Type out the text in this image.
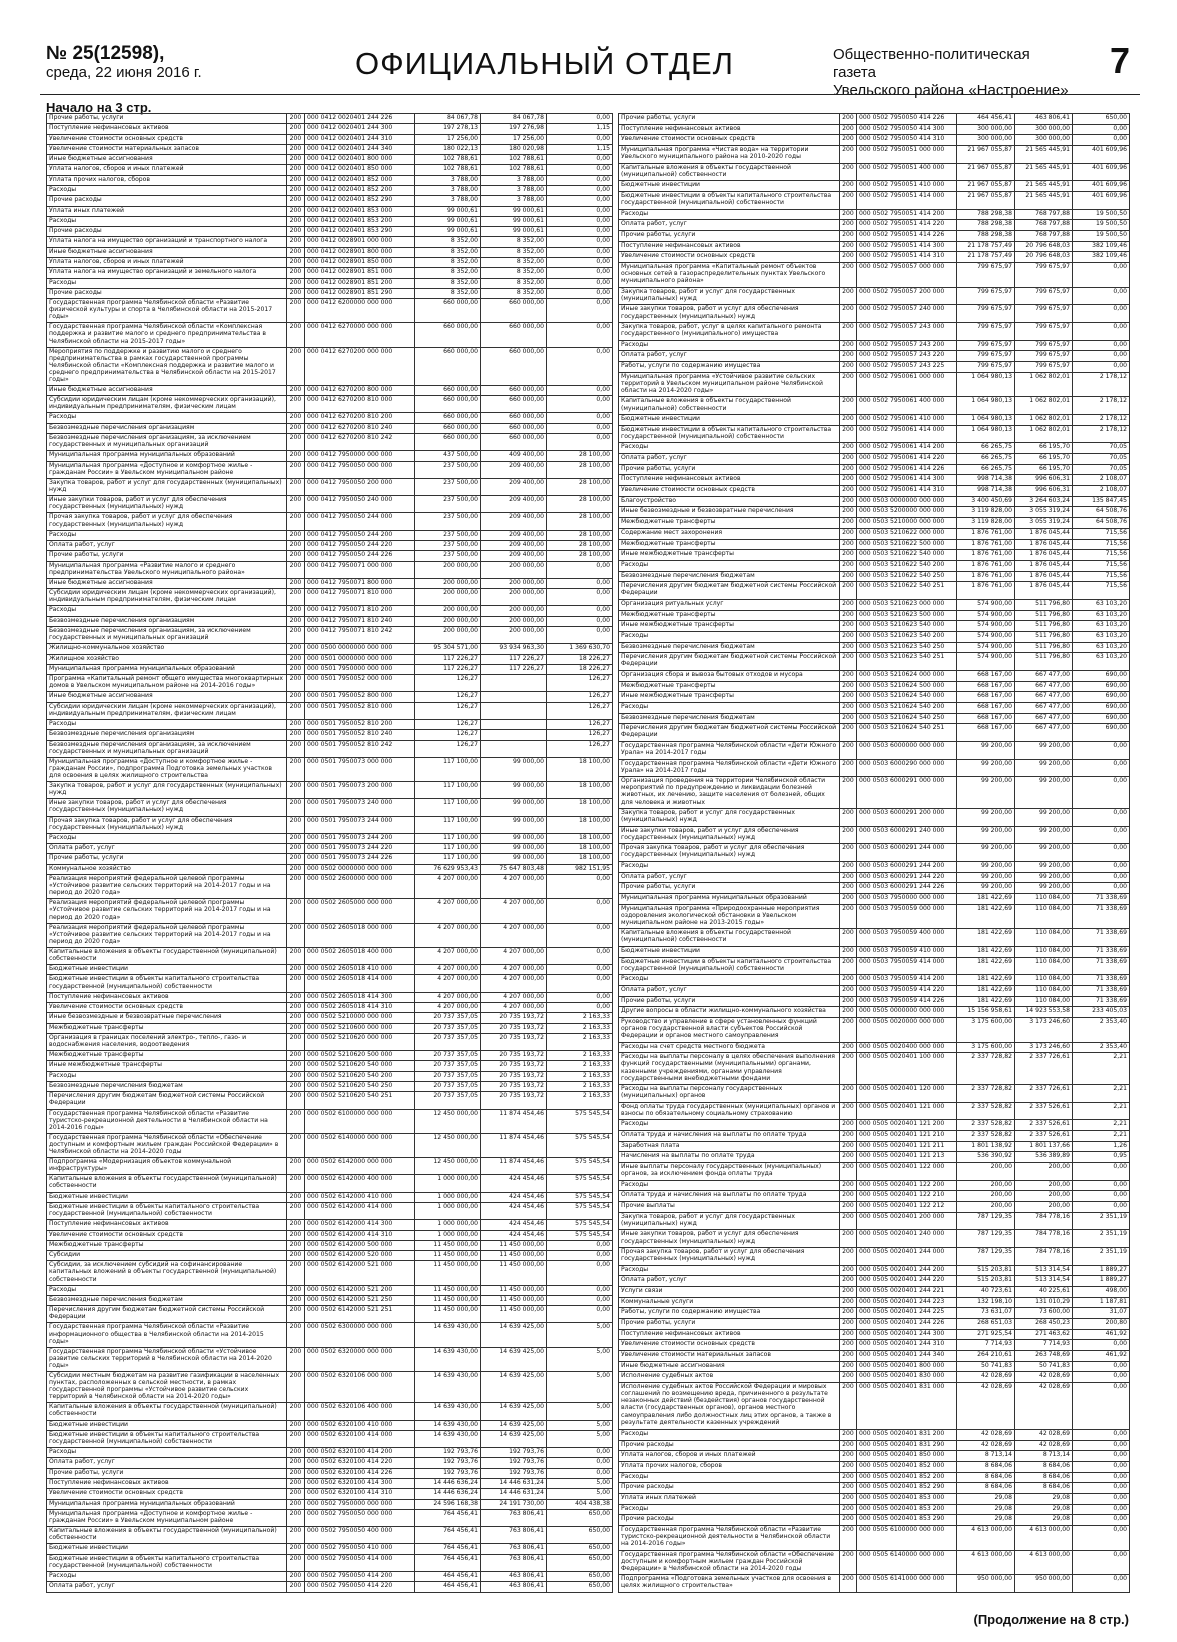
№ 25(12598),
среда, 22 июня 2016 г.	ОФИЦИАЛЬНЫЙ ОТДЕЛ	Общественно-политическая газета
Увельского района «Настроение»
7
Начало на 3 стр.
Прочие работы, услуги	200	000 0412 0020401 244 226	84 067,78	84 067,78	0,00
Поступление нефинансовых активов	200	000 0412 0020401 244 300	197 278,13	197 276,98	1,15
Увеличение стоимости основных средств	200	000 0412 0020401 244 310	17 256,00	17 256,00	0,00
Увеличение стоимости материальных запасов	200	000 0412 0020401 244 340	180 022,13	180 020,98	1,15
Иные бюджетные ассигнования	200	000 0412 0020401 800 000	102 788,61	102 788,61	0,00
Уплата налогов, сборов и иных платежей	200	000 0412 0020401 850 000	102 788,61	102 788,61	0,00
Уплата прочих налогов, сборов	200	000 0412 0020401 852 000	3 788,00	3 788,00	0,00
Расходы	200	000 0412 0020401 852 200	3 788,00	3 788,00	0,00
Прочие расходы	200	000 0412 0020401 852 290	3 788,00	3 788,00	0,00
Уплата иных платежей	200	000 0412 0020401 853 000	99 000,61	99 000,61	0,00
Расходы	200	000 0412 0020401 853 200	99 000,61	99 000,61	0,00
Прочие расходы	200	000 0412 0020401 853 290	99 000,61	99 000,61	0,00
Уплата налога на имущество организаций и транспортного налога	200	000 0412 0028901 000 000	8 352,00	8 352,00	0,00
Иные бюджетные ассигнования	200	000 0412 0028901 800 000	8 352,00	8 352,00	0,00
Уплата налогов, сборов и иных платежей	200	000 0412 0028901 850 000	8 352,00	8 352,00	0,00
Уплата налога на имущество организаций и земельного налога	200	000 0412 0028901 851 000	8 352,00	8 352,00	0,00
Расходы	200	000 0412 0028901 851 200	8 352,00	8 352,00	0,00
Прочие расходы	200	000 0412 0028901 851 290	8 352,00	8 352,00	0,00
Государственная программа Челябинской области «Развитие физической культуры и спорта в Челябинской области на 2015-2017 годы»	200	000 0412 6200000 000 000	660 000,00	660 000,00	0,00
Государственная программа Челябинской области «Комплексная поддержка и развитие малого и среднего предпринимательства в Челябинской области на 2015-2017 годы»	200	000 0412 6270000 000 000	660 000,00	660 000,00	0,00
Мероприятия по поддержке и развитию малого и среднего предпринимательства в рамках государственной программы Челябинской области «Комплексная поддержка и развитие малого и среднего предпринимательства в Челябинской области на 2015-2017 годы»	200	000 0412 6270200 000 000	660 000,00	660 000,00	0,00
Иные бюджетные ассигнования	200	000 0412 6270200 800 000	660 000,00	660 000,00	0,00
Субсидии юридическим лицам (кроме некоммерческих организаций), индивидуальным предпринимателям, физическим лицам	200	000 0412 6270200 810 000	660 000,00	660 000,00	0,00
Расходы	200	000 0412 6270200 810 200	660 000,00	660 000,00	0,00
Безвозмездные перечисления организациям	200	000 0412 6270200 810 240	660 000,00	660 000,00	0,00
Безвозмездные перечисления организациям, за исключением государственных и муниципальных организаций	200	000 0412 6270200 810 242	660 000,00	660 000,00	0,00
Муниципальная программа муниципальных образований	200	000 0412 7950000 000 000	437 500,00	409 400,00	28 100,00
Муниципальная программа «Доступное и комфортное жилье - гражданам России» в Увельском муниципальном районе	200	000 0412 7950050 000 000	237 500,00	209 400,00	28 100,00
Закупка товаров, работ и услуг для государственных (муниципальных) нужд	200	000 0412 7950050 200 000	237 500,00	209 400,00	28 100,00
Иные закупки товаров, работ и услуг для обеспечения государственных (муниципальных) нужд	200	000 0412 7950050 240 000	237 500,00	209 400,00	28 100,00
Прочая закупка товаров, работ и услуг для обеспечения государственных (муниципальных) нужд	200	000 0412 7950050 244 000	237 500,00	209 400,00	28 100,00
Расходы	200	000 0412 7950050 244 200	237 500,00	209 400,00	28 100,00
Оплата работ, услуг	200	000 0412 7950050 244 220	237 500,00	209 400,00	28 100,00
Прочие работы, услуги	200	000 0412 7950050 244 226	237 500,00	209 400,00	28 100,00
Муниципальная программа «Развитие малого и среднего предпринимательства Увельского муниципального района»	200	000 0412 7950071 000 000	200 000,00	200 000,00	0,00
Иные бюджетные ассигнования	200	000 0412 7950071 800 000	200 000,00	200 000,00	0,00
Субсидии юридическим лицам (кроме некоммерческих организаций), индивидуальным предпринимателям, физическим лицам	200	000 0412 7950071 810 000	200 000,00	200 000,00	0,00
Расходы	200	000 0412 7950071 810 200	200 000,00	200 000,00	0,00
Безвозмездные перечисления организациям	200	000 0412 7950071 810 240	200 000,00	200 000,00	0,00
Безвозмездные перечисления организациям, за исключением государственных и муниципальных организаций	200	000 0412 7950071 810 242	200 000,00	200 000,00	0,00
Жилищно-коммунальное хозяйство	200	000 0500 0000000 000 000	95 304 571,00	93 934 963,30	1 369 630,70
Жилищное хозяйство	200	000 0501 0000000 000 000	117 226,27	117 226,27	18 226,27
Муниципальная программа муниципальных образований	200	000 0501 7950000 000 000	117 226,27	117 226,27	18 226,27
Программа «Капитальный ремонт общего имущества многоквартирных домов в Увельском муниципальном районе на 2014-2016 годы»	200	000 0501 7950052 000 000	126,27		126,27
Иные бюджетные ассигнования	200	000 0501 7950052 800 000	126,27		126,27
Субсидии юридическим лицам (кроме некоммерческих организаций), индивидуальным предпринимателям, физическим лицам	200	000 0501 7950052 810 000	126,27		126,27
Расходы	200	000 0501 7950052 810 200	126,27		126,27
Безвозмездные перечисления организациям	200	000 0501 7950052 810 240	126,27		126,27
Безвозмездные перечисления организациям, за исключением государственных и муниципальных организаций	200	000 0501 7950052 810 242	126,27		126,27
Муниципальная программа «Доступное и комфортное жилье - гражданам России», подпрограмма Подготовка земельных участков для освоения в целях жилищного строительства	200	000 0501 7950073 000 000	117 100,00	99 000,00	18 100,00
Закупка товаров, работ и услуг для государственных (муниципальных) нужд	200	000 0501 7950073 200 000	117 100,00	99 000,00	18 100,00
Иные закупки товаров, работ и услуг для обеспечения государственных (муниципальных) нужд	200	000 0501 7950073 240 000	117 100,00	99 000,00	18 100,00
Прочая закупка товаров, работ и услуг для обеспечения государственных (муниципальных) нужд	200	000 0501 7950073 244 000	117 100,00	99 000,00	18 100,00
Расходы	200	000 0501 7950073 244 200	117 100,00	99 000,00	18 100,00
Оплата работ, услуг	200	000 0501 7950073 244 220	117 100,00	99 000,00	18 100,00
Прочие работы, услуги	200	000 0501 7950073 244 226	117 100,00	99 000,00	18 100,00
Коммунальное хозяйство	200	000 0502 0000000 000 000	76 629 953,43	75 647 803,48	982 151,95
Реализация мероприятий федеральной целевой программы «Устойчивое развитие сельских территорий на 2014-2017 годы и на период до 2020 года»	200	000 0502 2600000 000 000	4 207 000,00	4 207 000,00	0,00
Реализация мероприятий федеральной целевой программы «Устойчивое развитие сельских территорий на 2014-2017 годы и на период до 2020 года»	200	000 0502 2605000 000 000	4 207 000,00	4 207 000,00	0,00
Реализация мероприятий федеральной целевой программы «Устойчивое развитие сельских территорий на 2014-2017 годы и на период до 2020 года»	200	000 0502 2605018 000 000	4 207 000,00	4 207 000,00	0,00
Капитальные вложения в объекты государственной (муниципальной) собственности	200	000 0502 2605018 400 000	4 207 000,00	4 207 000,00	0,00
Бюджетные инвестиции	200	000 0502 2605018 410 000	4 207 000,00	4 207 000,00	0,00
Бюджетные инвестиции в объекты капитального строительства государственной (муниципальной) собственности	200	000 0502 2605018 414 000	4 207 000,00	4 207 000,00	0,00
Поступление нефинансовых активов	200	000 0502 2605018 414 300	4 207 000,00	4 207 000,00	0,00
Увеличение стоимости основных средств	200	000 0502 2605018 414 310	4 207 000,00	4 207 000,00	0,00
Иные безвозмездные и безвозвратные перечисления	200	000 0502 5210000 000 000	20 737 357,05	20 735 193,72	2 163,33
Межбюджетные трансферты	200	000 0502 5210600 000 000	20 737 357,05	20 735 193,72	2 163,33
Организация в границах поселений электро-, тепло-, газо- и водоснабжения населения, водоотведения	200	000 0502 5210620 000 000	20 737 357,05	20 735 193,72	2 163,33
Межбюджетные трансферты	200	000 0502 5210620 500 000	20 737 357,05	20 735 193,72	2 163,33
Иные межбюджетные трансферты	200	000 0502 5210620 540 000	20 737 357,05	20 735 193,72	2 163,33
Расходы	200	000 0502 5210620 540 200	20 737 357,05	20 735 193,72	2 163,33
Безвозмездные перечисления бюджетам	200	000 0502 5210620 540 250	20 737 357,05	20 735 193,72	2 163,33
Перечисления другим бюджетам бюджетной системы Российской Федерации	200	000 0502 5210620 540 251	20 737 357,05	20 735 193,72	2 163,33
Государственная программа Челябинской области «Развитие туристско-рекреационной деятельности в Челябинской области на 2014-2016 годы»	200	000 0502 6100000 000 000	12 450 000,00	11 874 454,46	575 545,54
Государственная программа Челябинской области «Обеспечение доступным и комфортным жильем граждан Российской Федерации» в Челябинской области на 2014-2020 годы	200	000 0502 6140000 000 000	12 450 000,00	11 874 454,46	575 545,54
Подпрограмма «Модернизация объектов коммунальной инфраструктуры»	200	000 0502 6142000 000 000	12 450 000,00	11 874 454,46	575 545,54
Капитальные вложения в объекты государственной (муниципальной) собственности	200	000 0502 6142000 400 000	1 000 000,00	424 454,46	575 545,54
Бюджетные инвестиции	200	000 0502 6142000 410 000	1 000 000,00	424 454,46	575 545,54
Бюджетные инвестиции в объекты капитального строительства государственной (муниципальной) собственности	200	000 0502 6142000 414 000	1 000 000,00	424 454,46	575 545,54
Поступление нефинансовых активов	200	000 0502 6142000 414 300	1 000 000,00	424 454,46	575 545,54
Увеличение стоимости основных средств	200	000 0502 6142000 414 310	1 000 000,00	424 454,46	575 545,54
Межбюджетные трансферты	200	000 0502 6142000 500 000	11 450 000,00	11 450 000,00	0,00
Субсидии	200	000 0502 6142000 520 000	11 450 000,00	11 450 000,00	0,00
Субсидии, за исключением субсидий на софинансирование капитальных вложений в объекты государственной (муниципальной) собственности	200	000 0502 6142000 521 000	11 450 000,00	11 450 000,00	0,00
Расходы	200	000 0502 6142000 521 200	11 450 000,00	11 450 000,00	0,00
Безвозмездные перечисления бюджетам	200	000 0502 6142000 521 250	11 450 000,00	11 450 000,00	0,00
Перечисления другим бюджетам бюджетной системы Российской Федерации	200	000 0502 6142000 521 251	11 450 000,00	11 450 000,00	0,00
Государственная программа Челябинской области «Развитие информационного общества в Челябинской области на 2014-2015 годы»	200	000 0502 6300000 000 000	14 639 430,00	14 639 425,00	5,00
Государственная программа Челябинской области «Устойчивое развитие сельских территорий в Челябинской области на 2014-2020 годы»	200	000 0502 6320000 000 000	14 639 430,00	14 639 425,00	5,00
Субсидии местным бюджетам на развитие газификации в населенных пунктах, расположенных в сельской местности, в рамках государственной программы «Устойчивое развитие сельских территорий в Челябинской области на 2014-2020 годы»	200	000 0502 6320106 000 000	14 639 430,00	14 639 425,00	5,00
Капитальные вложения в объекты государственной (муниципальной) собственности	200	000 0502 6320106 400 000	14 639 430,00	14 639 425,00	5,00
Бюджетные инвестиции	200	000 0502 6320100 410 000	14 639 430,00	14 639 425,00	5,00
Бюджетные инвестиции в объекты капитального строительства государственной (муниципальной) собственности	200	000 0502 6320100 414 000	14 639 430,00	14 639 425,00	5,00
Расходы	200	000 0502 6320100 414 200	192 793,76	192 793,76	0,00
Оплата работ, услуг	200	000 0502 6320100 414 220	192 793,76	192 793,76	0,00
Прочие работы, услуги	200	000 0502 6320100 414 226	192 793,76	192 793,76	0,00
Поступление нефинансовых активов	200	000 0502 6320100 414 300	14 446 636,24	14 446 631,24	5,00
Увеличение стоимости основных средств	200	000 0502 6320100 414 310	14 446 636,24	14 446 631,24	5,00
Муниципальная программа муниципальных образований	200	000 0502 7950000 000 000	24 596 168,38	24 191 730,00	404 438,38
Муниципальная программа «Доступное и комфортное жилье - гражданам России» в Увельском муниципальном районе	200	000 0502 7950050 000 000	764 456,41	763 806,41	650,00
Капитальные вложения в объекты государственной (муниципальной) собственности	200	000 0502 7950050 400 000	764 456,41	763 806,41	650,00
Бюджетные инвестиции	200	000 0502 7950050 410 000	764 456,41	763 806,41	650,00
Бюджетные инвестиции в объекты капитального строительства государственной (муниципальной) собственности	200	000 0502 7950050 414 000	764 456,41	763 806,41	650,00
Расходы	200	000 0502 7950050 414 200	464 456,41	463 806,41	650,00
Оплата работ, услуг	200	000 0502 7950050 414 220	464 456,41	463 806,41	650,00
Прочие работы, услуги	200	000 0502 7950050 414 226	464 456,41	463 806,41	650,00
Поступление нефинансовых активов	200	000 0502 7950050 414 300	300 000,00	300 000,00	0,00
Увеличение стоимости основных средств	200	000 0502 7950050 414 310	300 000,00	300 000,00	0,00
Муниципальная программа «Чистая вода» на территории Увельского муниципального района на 2010-2020 годы	200	000 0502 7950051 000 000	21 967 055,87	21 565 445,91	401 609,96
Капитальные вложения в объекты государственной (муниципальной) собственности	200	000 0502 7950051 400 000	21 967 055,87	21 565 445,91	401 609,96
Бюджетные инвестиции	200	000 0502 7950051 410 000	21 967 055,87	21 565 445,91	401 609,96
Бюджетные инвестиции в объекты капитального строительства государственной (муниципальной) собственности	200	000 0502 7950051 414 000	21 967 055,87	21 565 445,91	401 609,96
Расходы	200	000 0502 7950051 414 200	788 298,38	768 797,88	19 500,50
Оплата работ, услуг	200	000 0502 7950051 414 220	788 298,38	768 797,88	19 500,50
Прочие работы, услуги	200	000 0502 7950051 414 226	788 298,38	768 797,88	19 500,50
Поступление нефинансовых активов	200	000 0502 7950051 414 300	21 178 757,49	20 796 648,03	382 109,46
Увеличение стоимости основных средств	200	000 0502 7950051 414 310	21 178 757,49	20 796 648,03	382 109,46
Муниципальная программа «Капитальный ремонт объектов основных сетей в газораспределительных пунктах Увельского муниципального района»	200	000 0502 7950057 000 000	799 675,97	799 675,97	0,00
Закупка товаров, работ и услуг для государственных (муниципальных) нужд	200	000 0502 7950057 200 000	799 675,97	799 675,97	0,00
Иные закупки товаров, работ и услуг для обеспечения государственных (муниципальных) нужд	200	000 0502 7950057 240 000	799 675,97	799 675,97	0,00
Закупка товаров, работ, услуг в целях капитального ремонта государственного (муниципального) имущества	200	000 0502 7950057 243 000	799 675,97	799 675,97	0,00
Расходы	200	000 0502 7950057 243 200	799 675,97	799 675,97	0,00
Оплата работ, услуг	200	000 0502 7950057 243 220	799 675,97	799 675,97	0,00
Работы, услуги по содержанию имущества	200	000 0502 7950057 243 225	799 675,97	799 675,97	0,00
Муниципальная программа «Устойчивое развитие сельских территорий в Увельском муниципальном районе Челябинской области на 2014-2020 годы»	200	000 0502 7950061 000 000	1 064 980,13	1 062 802,01	2 178,12
Капитальные вложения в объекты государственной (муниципальной) собственности	200	000 0502 7950061 400 000	1 064 980,13	1 062 802,01	2 178,12
Бюджетные инвестиции	200	000 0502 7950061 410 000	1 064 980,13	1 062 802,01	2 178,12
Бюджетные инвестиции в объекты капитального строительства государственной (муниципальной) собственности	200	000 0502 7950061 414 000	1 064 980,13	1 062 802,01	2 178,12
Расходы	200	000 0502 7950061 414 200	66 265,75	66 195,70	70,05
Оплата работ, услуг	200	000 0502 7950061 414 220	66 265,75	66 195,70	70,05
Прочие работы, услуги	200	000 0502 7950061 414 226	66 265,75	66 195,70	70,05
Поступление нефинансовых активов	200	000 0502 7950061 414 300	998 714,38	996 606,31	2 108,07
Увеличение стоимости основных средств	200	000 0502 7950061 414 310	998 714,38	996 606,31	2 108,07
Благоустройство	200	000 0503 0000000 000 000	3 400 450,69	3 264 603,24	135 847,45
Иные безвозмездные и безвозвратные перечисления	200	000 0503 5200000 000 000	3 119 828,00	3 055 319,24	64 508,76
Межбюджетные трансферты	200	000 0503 5210000 000 000	3 119 828,00	3 055 319,24	64 508,76
Содержание мест захоронения	200	000 0503 5210622 000 000	1 876 761,00	1 876 045,44	715,56
Межбюджетные трансферты	200	000 0503 5210622 500 000	1 876 761,00	1 876 045,44	715,56
Иные межбюджетные трансферты	200	000 0503 5210622 540 000	1 876 761,00	1 876 045,44	715,56
Расходы	200	000 0503 5210622 540 200	1 876 761,00	1 876 045,44	715,56
Безвозмездные перечисления бюджетам	200	000 0503 5210622 540 250	1 876 761,00	1 876 045,44	715,56
Перечисления другим бюджетам бюджетной системы Российской Федерации	200	000 0503 5210622 540 251	1 876 761,00	1 876 045,44	715,56
Организация ритуальных услуг	200	000 0503 5210623 000 000	574 900,00	511 796,80	63 103,20
Межбюджетные трансферты	200	000 0503 5210623 500 000	574 900,00	511 796,80	63 103,20
Иные межбюджетные трансферты	200	000 0503 5210623 540 000	574 900,00	511 796,80	63 103,20
Расходы	200	000 0503 5210623 540 200	574 900,00	511 796,80	63 103,20
Безвозмездные перечисления бюджетам	200	000 0503 5210623 540 250	574 900,00	511 796,80	63 103,20
Перечисления другим бюджетам бюджетной системы Российской Федерации	200	000 0503 5210623 540 251	574 900,00	511 796,80	63 103,20
Организация сбора и вывоза бытовых отходов и мусора	200	000 0503 5210624 000 000	668 167,00	667 477,00	690,00
Межбюджетные трансферты	200	000 0503 5210624 500 000	668 167,00	667 477,00	690,00
Иные межбюджетные трансферты	200	000 0503 5210624 540 000	668 167,00	667 477,00	690,00
Расходы	200	000 0503 5210624 540 200	668 167,00	667 477,00	690,00
Безвозмездные перечисления бюджетам	200	000 0503 5210624 540 250	668 167,00	667 477,00	690,00
Перечисления другим бюджетам бюджетной системы Российской Федерации	200	000 0503 5210624 540 251	668 167,00	667 477,00	690,00
Государственная программа Челябинской области «Дети Южного Урала» на 2014-2017 годы	200	000 0503 6000000 000 000	99 200,00	99 200,00	0,00
Государственная программа Челябинской области «Дети Южного Урала» на 2014-2017 годы	200	000 0503 6000290 000 000	99 200,00	99 200,00	0,00
Организация проведения на территории Челябинской области мероприятий по предупреждению и ликвидации болезней животных, их лечению, защите населения от болезней, общих для человека и животных	200	000 0503 6000291 000 000	99 200,00	99 200,00	0,00
Закупка товаров, работ и услуг для государственных (муниципальных) нужд	200	000 0503 6000291 200 000	99 200,00	99 200,00	0,00
Иные закупки товаров, работ и услуг для обеспечения государственных (муниципальных) нужд	200	000 0503 6000291 240 000	99 200,00	99 200,00	0,00
Прочая закупка товаров, работ и услуг для обеспечения государственных (муниципальных) нужд	200	000 0503 6000291 244 000	99 200,00	99 200,00	0,00
Расходы	200	000 0503 6000291 244 200	99 200,00	99 200,00	0,00
Оплата работ, услуг	200	000 0503 6000291 244 220	99 200,00	99 200,00	0,00
Прочие работы, услуги	200	000 0503 6000291 244 226	99 200,00	99 200,00	0,00
Муниципальная программа муниципальных образований	200	000 0503 7950000 000 000	181 422,69	110 084,00	71 338,69
Муниципальная программа «Природоохранные мероприятия оздоровления экологической обстановки в Увельском муниципальном районе на 2013-2015 годы»	200	000 0503 7950059 000 000	181 422,69	110 084,00	71 338,69
Капитальные вложения в объекты государственной (муниципальной) собственности	200	000 0503 7950059 400 000	181 422,69	110 084,00	71 338,69
Бюджетные инвестиции	200	000 0503 7950059 410 000	181 422,69	110 084,00	71 338,69
Бюджетные инвестиции в объекты капитального строительства государственной (муниципальной) собственности	200	000 0503 7950059 414 000	181 422,69	110 084,00	71 338,69
Расходы	200	000 0503 7950059 414 200	181 422,69	110 084,00	71 338,69
Оплата работ, услуг	200	000 0503 7950059 414 220	181 422,69	110 084,00	71 338,69
Прочие работы, услуги	200	000 0503 7950059 414 226	181 422,69	110 084,00	71 338,69
Другие вопросы в области жилищно-коммунального хозяйства	200	000 0505 0000000 000 000	15 156 958,61	14 923 553,58	233 405,03
Руководство и управление в сфере установленных функций органов государственной власти субъектов Российской Федерации и органов местного самоуправления	200	000 0505 0020000 000 000	3 175 600,00	3 173 246,60	2 353,40
Расходы на счет средств местного бюджета	200	000 0505 0020400 000 000	3 175 600,00	3 173 246,60	2 353,40
Расходы на выплаты персоналу в целях обеспечения выполнения функций государственными (муниципальными) органами, казенными учреждениями, органами управления государственными внебюджетными фондами	200	000 0505 0020401 100 000	2 337 728,82	2 337 726,61	2,21
Расходы на выплаты персоналу государственных (муниципальных) органов	200	000 0505 0020401 120 000	2 337 728,82	2 337 726,61	2,21
Фонд оплаты труда государственных (муниципальных) органов и взносы по обязательному социальному страхованию	200	000 0505 0020401 121 000	2 337 528,82	2 337 526,61	2,21
Расходы	200	000 0505 0020401 121 200	2 337 528,82	2 337 526,61	2,21
Оплата труда и начисления на выплаты по оплате труда	200	000 0505 0020401 121 210	2 337 528,82	2 337 526,61	2,21
Заработная плата	200	000 0505 0020401 121 211	1 801 138,92	1 801 137,66	1,26
Начисления на выплаты по оплате труда	200	000 0505 0020401 121 213	536 390,92	536 389,89	0,95
Иные выплаты персоналу государственных (муниципальных) органов, за исключением фонда оплаты труда	200	000 0505 0020401 122 000	200,00	200,00	0,00
Расходы	200	000 0505 0020401 122 200	200,00	200,00	0,00
Оплата труда и начисления на выплаты по оплате труда	200	000 0505 0020401 122 210	200,00	200,00	0,00
Прочие выплаты	200	000 0505 0020401 122 212	200,00	200,00	0,00
Закупка товаров, работ и услуг для государственных (муниципальных) нужд	200	000 0505 0020401 200 000	787 129,35	784 778,16	2 351,19
Иные закупки товаров, работ и услуг для обеспечения государственных (муниципальных) нужд	200	000 0505 0020401 240 000	787 129,35	784 778,16	2 351,19
Прочая закупка товаров, работ и услуг для обеспечения государственных (муниципальных) нужд	200	000 0505 0020401 244 000	787 129,35	784 778,16	2 351,19
Расходы	200	000 0505 0020401 244 200	515 203,81	513 314,54	1 889,27
Оплата работ, услуг	200	000 0505 0020401 244 220	515 203,81	513 314,54	1 889,27
Услуги связи	200	000 0505 0020401 244 221	40 723,61	40 225,61	498,00
Коммунальные услуги	200	000 0505 0020401 244 223	132 198,10	131 010,29	1 187,81
Работы, услуги по содержанию имущества	200	000 0505 0020401 244 225	73 631,07	73 600,00	31,07
Прочие работы, услуги	200	000 0505 0020401 244 226	268 651,03	268 450,23	200,80
Поступление нефинансовых активов	200	000 0505 0020401 244 300	271 925,54	271 463,62	461,92
Увеличение стоимости основных средств	200	000 0505 0020401 244 310	7 714,93	7 714,93	0,00
Увеличение стоимости материальных запасов	200	000 0505 0020401 244 340	264 210,61	263 748,69	461,92
Иные бюджетные ассигнования	200	000 0505 0020401 800 000	50 741,83	50 741,83	0,00
Исполнение судебных актов	200	000 0505 0020401 830 000	42 028,69	42 028,69	0,00
Исполнение судебных актов Российской Федерации и мировых соглашений по возмещению вреда, причиненного в результате незаконных действий (бездействия) органов государственной власти (государственных органов), органов местного самоуправления либо должностных лиц этих органов, а также в результате деятельности казенных учреждений	200	000 0505 0020401 831 000	42 028,69	42 028,69	0,00
Расходы	200	000 0505 0020401 831 200	42 028,69	42 028,69	0,00
Прочие расходы	200	000 0505 0020401 831 290	42 028,69	42 028,69	0,00
Уплата налогов, сборов и иных платежей	200	000 0505 0020401 850 000	8 713,14	8 713,14	0,00
Уплата прочих налогов, сборов	200	000 0505 0020401 852 000	8 684,06	8 684,06	0,00
Расходы	200	000 0505 0020401 852 200	8 684,06	8 684,06	0,00
Прочие расходы	200	000 0505 0020401 852 290	8 684,06	8 684,06	0,00
Уплата иных платежей	200	000 0505 0020401 853 000	29,08	29,08	0,00
Расходы	200	000 0505 0020401 853 200	29,08	29,08	0,00
Прочие расходы	200	000 0505 0020401 853 290	29,08	29,08	0,00
Государственная программа Челябинской области «Развитие туристско-рекреационной деятельности в Челябинской области на 2014-2016 годы»	200	000 0505 6100000 000 000	4 613 000,00	4 613 000,00	0,00
Государственная программа Челябинской области «Обеспечение доступным и комфортным жильем граждан Российской Федерации» в Челябинской области на 2014-2020 годы	200	000 0505 6140000 000 000	4 613 000,00	4 613 000,00	0,00
Подпрограмма «Подготовка земельных участков для освоения в целях жилищного строительства»	200	000 0505 6141000 000 000	950 000,00	950 000,00	0,00
(Продолжение на 8 стр.)
